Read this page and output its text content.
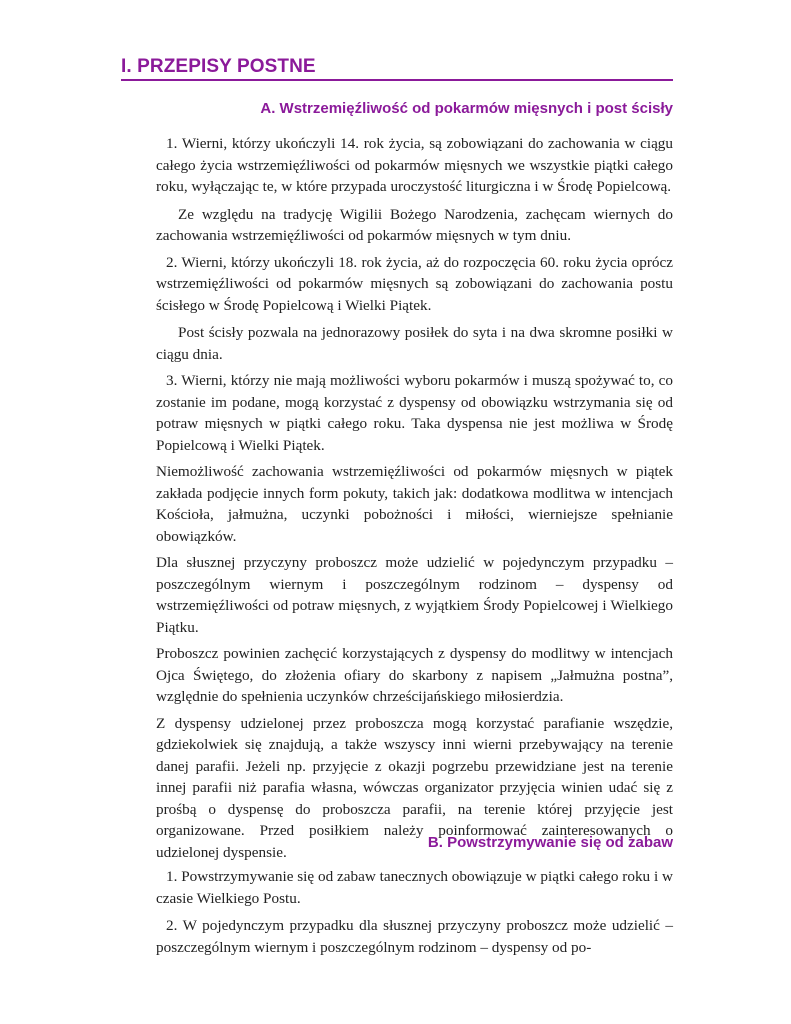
I. PRZEPISY POSTNE
A. Wstrzemięźliwość od pokarmów mięsnych i post ścisły

1. Wierni, którzy ukończyli 14. rok życia, są zobowiązani do zachowania w ciągu całego życia wstrzemięźliwości od pokarmów mięsnych we wszystkie piątki całego roku, wyłączając te, w które przypada uroczystość liturgiczna i w Środę Popielcową.

Ze względu na tradycję Wigilii Bożego Narodzenia, zachęcam wiernych do zachowania wstrzemięźliwości od pokarmów mięsnych w tym dniu.

2. Wierni, którzy ukończyli 18. rok życia, aż do rozpoczęcia 60. roku życia oprócz wstrzemięźliwości od pokarmów mięsnych są zobowiązani do zachowania postu ścisłego w Środę Popielcową i Wielki Piątek.

Post ścisły pozwala na jednorazowy posiłek do syta i na dwa skromne posiłki w ciągu dnia.

3. Wierni, którzy nie mają możliwości wyboru pokarmów i muszą spożywać to, co zostanie im podane, mogą korzystać z dyspensy od obowiązku wstrzymania się od potraw mięsnych w piątki całego roku. Taka dyspensa nie jest możliwa w Środę Popielcową i Wielki Piątek.

Niemożliwość zachowania wstrzemięźliwości od pokarmów mięsnych w piątek zakłada podjęcie innych form pokuty, takich jak: dodatkowa modlitwa w intencjach Kościoła, jałmużna, uczynki pobożności i miłości, wierniejsze spełnianie obowiązków.

Dla słusznej przyczyny proboszcz może udzielić w pojedynczym przypadku – poszczególnym wiernym i poszczególnym rodzinom – dyspensy od wstrzemięźliwości od potraw mięsnych, z wyjątkiem Środy Popielcowej i Wielkiego Piątku.

Proboszcz powinien zachęcić korzystających z dyspensy do modlitwy w intencjach Ojca Świętego, do złożenia ofiary do skarbony z napisem „Jałmużna postna”, względnie do spełnienia uczynków chrześcijańskiego miłosierdzia.

Z dyspensy udzielonej przez proboszcza mogą korzystać parafianie wszędzie, gdziekolwiek się znajdują, a także wszyscy inni wierni przebywający na terenie danej parafii. Jeżeli np. przyjęcie z okazji pogrzebu przewidziane jest na terenie innej parafii niż parafia własna, wówczas organizator przyjęcia winien udać się z prośbą o dyspensę do proboszcza parafii, na terenie której przyjęcie jest organizowane. Przed posiłkiem należy poinformować zainteresowanych o udzielonej dyspensie.

B. Powstrzymywanie się od zabaw

1. Powstrzymywanie się od zabaw tanecznych obowiązuje w piątki całego roku i w czasie Wielkiego Postu.

2. W pojedynczym przypadku dla słusznej przyczyny proboszcz może udzielić – poszczególnym wiernym i poszczególnym rodzinom – dyspensy od po-
